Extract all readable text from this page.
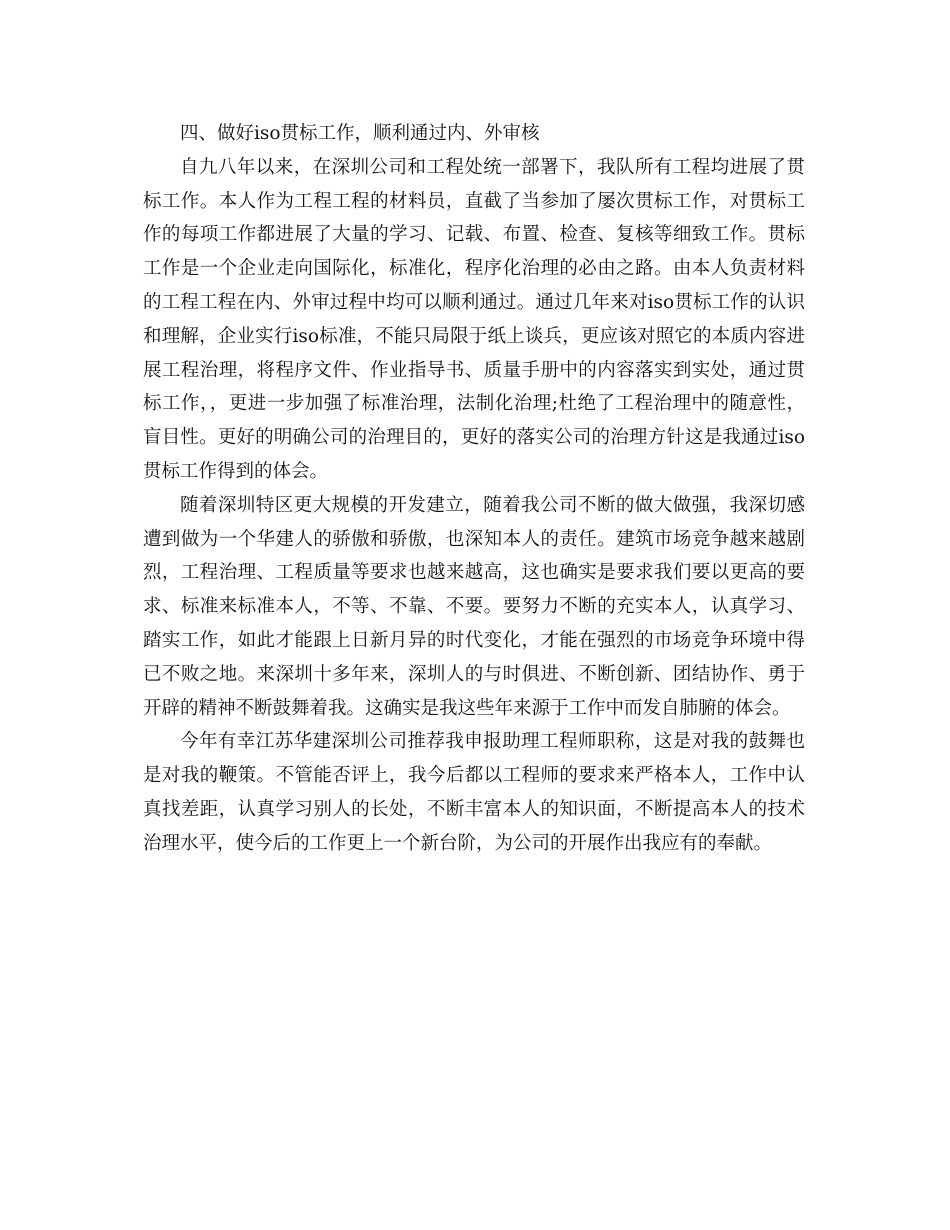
四、做好iso贯标工作，顺利通过内、外审核

自九八年以来，在深圳公司和工程处统一部署下，我队所有工程均进展了贯标工作。本人作为工程工程的材料员，直截了当参加了屡次贯标工作，对贯标工作的每项工作都进展了大量的学习、记载、布置、检查、复核等细致工作。贯标工作是一个企业走向国际化，标准化，程序化治理的必由之路。由本人负责材料的工程工程在内、外审过程中均可以顺利通过。通过几年来对iso贯标工作的认识和理解，企业实行iso标准，不能只局限于纸上谈兵，更应该对照它的本质内容进展工程治理，将程序文件、作业指导书、质量手册中的内容落实到实处，通过贯标工作，，更进一步加强了标准治理，法制化治理;杜绝了工程治理中的随意性，盲目性。更好的明确公司的治理目的，更好的落实公司的治理方针这是我通过iso贯标工作得到的体会。

随着深圳特区更大规模的开发建立，随着我公司不断的做大做强，我深切感遭到做为一个华建人的骄傲和骄傲，也深知本人的责任。建筑市场竞争越来越剧烈，工程治理、工程质量等要求也越来越高，这也确实是要求我们要以更高的要求、标准来标准本人，不等、不靠、不要。要努力不断的充实本人，认真学习、踏实工作，如此才能跟上日新月异的时代变化，才能在强烈的市场竞争环境中得已不败之地。来深圳十多年来，深圳人的与时俱进、不断创新、团结协作、勇于开辟的精神不断鼓舞着我。这确实是我这些年来源于工作中而发自肺腑的体会。

今年有幸江苏华建深圳公司推荐我申报助理工程师职称，这是对我的鼓舞也是对我的鞭策。不管能否评上，我今后都以工程师的要求来严格本人，工作中认真找差距，认真学习别人的长处，不断丰富本人的知识面，不断提高本人的技术治理水平，使今后的工作更上一个新台阶，为公司的开展作出我应有的奉献。
